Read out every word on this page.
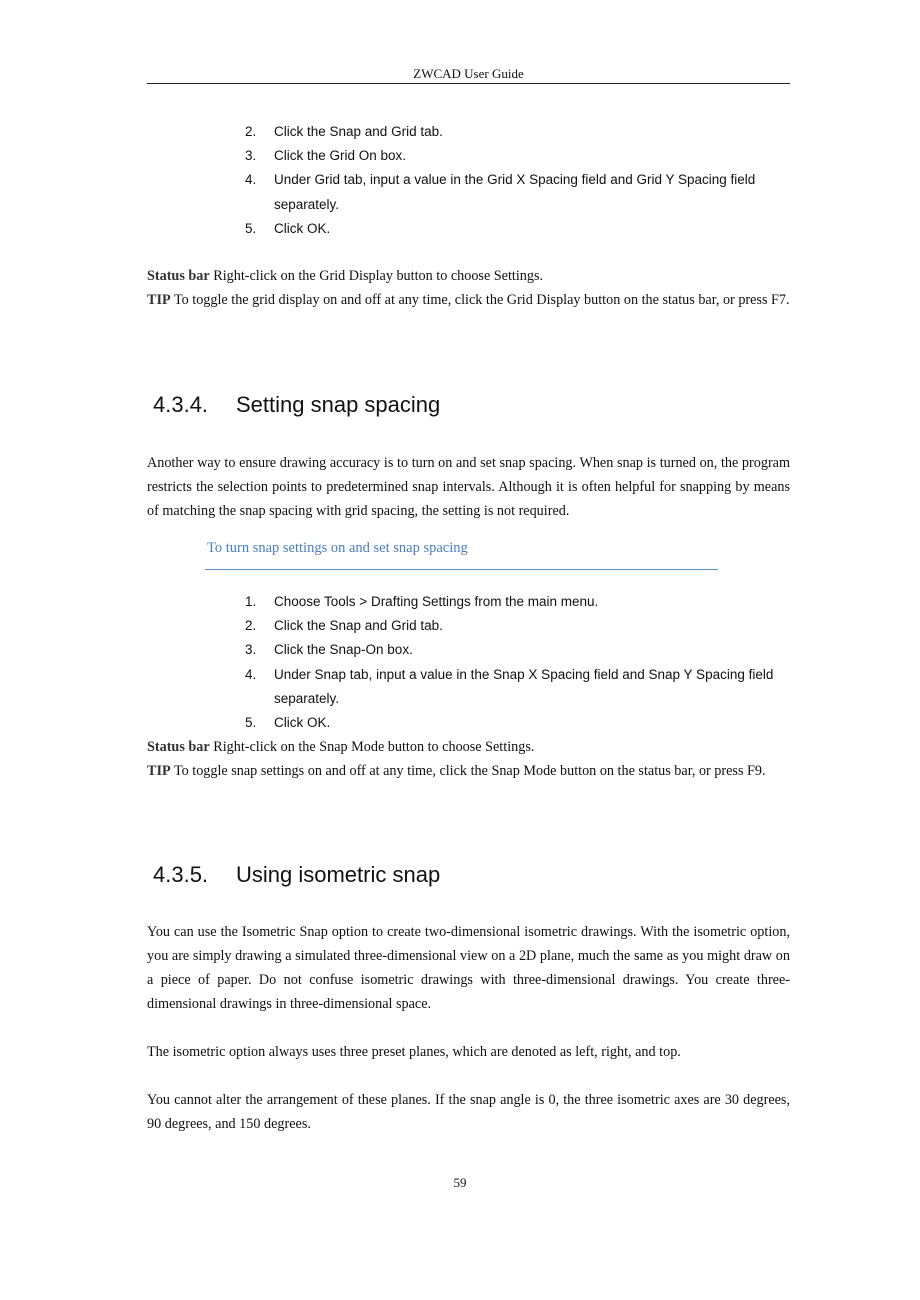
ZWCAD User Guide
2.	Click the Snap and Grid tab.
3.	Click the Grid On box.
4.	Under Grid tab, input a value in the Grid X Spacing field and Grid Y Spacing field separately.
5.	Click OK.
Status bar Right-click on the Grid Display button to choose Settings.
TIP To toggle the grid display on and off at any time, click the Grid Display button on the status bar, or press F7.
4.3.4. Setting snap spacing
Another way to ensure drawing accuracy is to turn on and set snap spacing. When snap is turned on, the program restricts the selection points to predetermined snap intervals. Although it is often helpful for snapping by means of matching the snap spacing with grid spacing, the setting is not required.
To turn snap settings on and set snap spacing
1.	Choose Tools > Drafting Settings from the main menu.
2.	Click the Snap and Grid tab.
3.	Click the Snap-On box.
4.	Under Snap tab, input a value in the Snap X Spacing field and Snap Y Spacing field separately.
5.	Click OK.
Status bar Right-click on the Snap Mode button to choose Settings.
TIP To toggle snap settings on and off at any time, click the Snap Mode button on the status bar, or press F9.
4.3.5. Using isometric snap
You can use the Isometric Snap option to create two-dimensional isometric drawings. With the isometric option, you are simply drawing a simulated three-dimensional view on a 2D plane, much the same as you might draw on a piece of paper. Do not confuse isometric drawings with three-dimensional drawings. You create three-dimensional drawings in three-dimensional space.
The isometric option always uses three preset planes, which are denoted as left, right, and top.
You cannot alter the arrangement of these planes. If the snap angle is 0, the three isometric axes are 30 degrees, 90 degrees, and 150 degrees.
59
